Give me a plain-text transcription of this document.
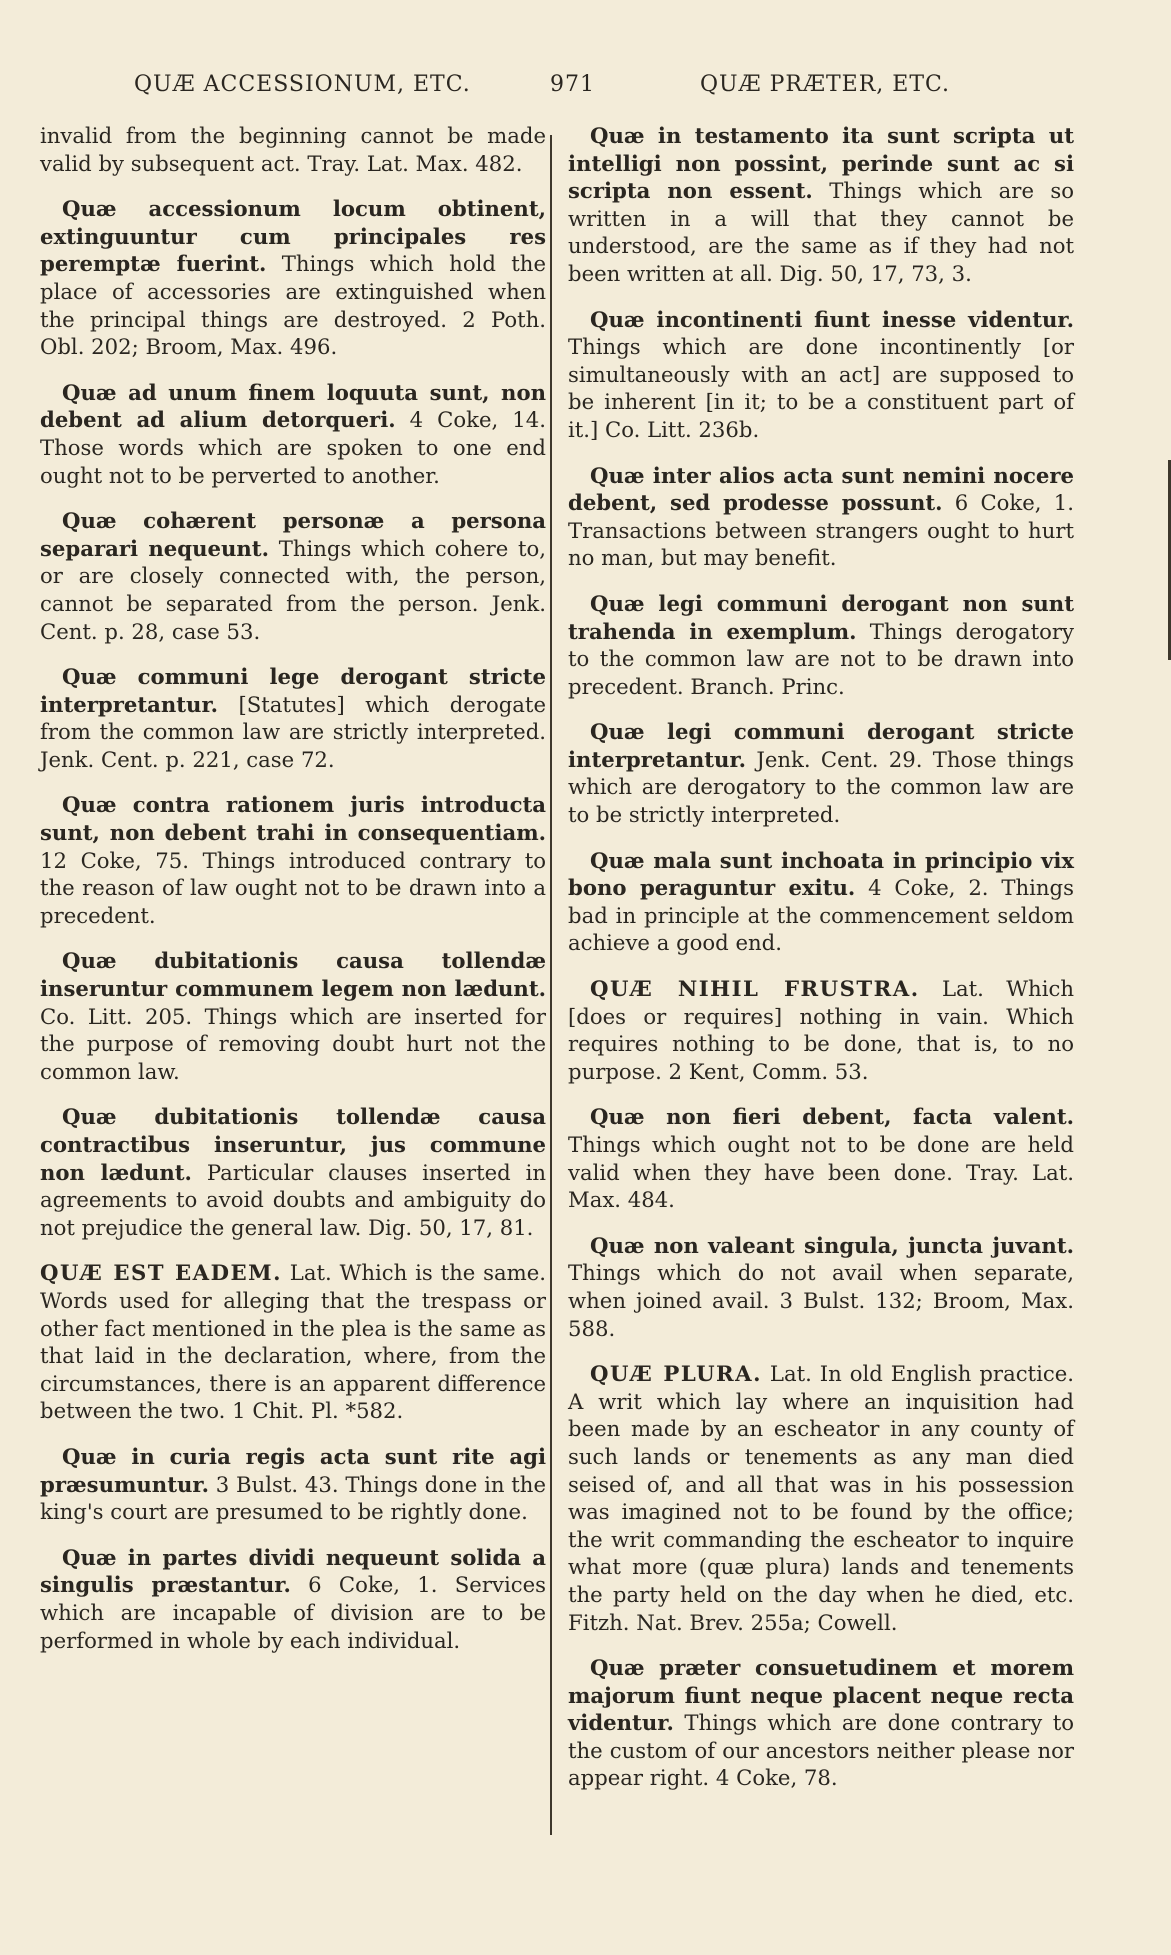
QUÆ ACCESSIONUM, ETC.	971	QUÆ PRÆTER, ETC.

invalid from the beginning cannot be made valid by subsequent act. Tray. Lat. Max. 482.

Quæ accessionum locum obtinent, extinguuntur cum principales res peremptæ fuerint. Things which hold the place of accessories are extinguished when the principal things are destroyed. 2 Poth. Obl. 202; Broom, Max. 496.

Quæ ad unum finem loquuta sunt, non debent ad alium detorqueri. 4 Coke, 14. Those words which are spoken to one end ought not to be perverted to another.

Quæ cohærent personæ a persona separari nequeunt. Things which cohere to, or are closely connected with, the person, cannot be separated from the person. Jenk. Cent. p. 28, case 53.

Quæ communi lege derogant stricte interpretantur. [Statutes] which derogate from the common law are strictly interpreted. Jenk. Cent. p. 221, case 72.

Quæ contra rationem juris introducta sunt, non debent trahi in consequentiam. 12 Coke, 75. Things introduced contrary to the reason of law ought not to be drawn into a precedent.

Quæ dubitationis causa tollendæ inseruntur communem legem non lædunt. Co. Litt. 205. Things which are inserted for the purpose of removing doubt hurt not the common law.

Quæ dubitationis tollendæ causa contractibus inseruntur, jus commune non lædunt. Particular clauses inserted in agreements to avoid doubts and ambiguity do not prejudice the general law. Dig. 50, 17, 81.

QUÆ EST EADEM. Lat. Which is the same. Words used for alleging that the trespass or other fact mentioned in the plea is the same as that laid in the declaration, where, from the circumstances, there is an apparent difference between the two. 1 Chit. Pl. *582.

Quæ in curia regis acta sunt rite agi præsumuntur. 3 Bulst. 43. Things done in the king's court are presumed to be rightly done.

Quæ in partes dividi nequeunt solida a singulis præstantur. 6 Coke, 1. Services which are incapable of division are to be performed in whole by each individual.

Quæ in testamento ita sunt scripta ut intelligi non possint, perinde sunt ac si scripta non essent. Things which are so written in a will that they cannot be understood, are the same as if they had not been written at all. Dig. 50, 17, 73, 3.

Quæ incontinenti fiunt inesse videntur. Things which are done incontinently [or simultaneously with an act] are supposed to be inherent [in it; to be a constituent part of it.] Co. Litt. 236b.

Quæ inter alios acta sunt nemini nocere debent, sed prodesse possunt. 6 Coke, 1. Transactions between strangers ought to hurt no man, but may benefit.

Quæ legi communi derogant non sunt trahenda in exemplum. Things derogatory to the common law are not to be drawn into precedent. Branch. Princ.

Quæ legi communi derogant stricte interpretantur. Jenk. Cent. 29. Those things which are derogatory to the common law are to be strictly interpreted.

Quæ mala sunt inchoata in principio vix bono peraguntur exitu. 4 Coke, 2. Things bad in principle at the commencement seldom achieve a good end.

QUÆ NIHIL FRUSTRA. Lat. Which [does or requires] nothing in vain. Which requires nothing to be done, that is, to no purpose. 2 Kent, Comm. 53.

Quæ non fieri debent, facta valent. Things which ought not to be done are held valid when they have been done. Tray. Lat. Max. 484.

Quæ non valeant singula, juncta juvant. Things which do not avail when separate, when joined avail. 3 Bulst. 132; Broom, Max. 588.

QUÆ PLURA. Lat. In old English practice. A writ which lay where an inquisition had been made by an escheator in any county of such lands or tenements as any man died seised of, and all that was in his possession was imagined not to be found by the office; the writ commanding the escheator to inquire what more (quæ plura) lands and tenements the party held on the day when he died, etc. Fitzh. Nat. Brev. 255a; Cowell.

Quæ præter consuetudinem et morem majorum fiunt neque placent neque recta videntur. Things which are done contrary to the custom of our ancestors neither please nor appear right. 4 Coke, 78.
